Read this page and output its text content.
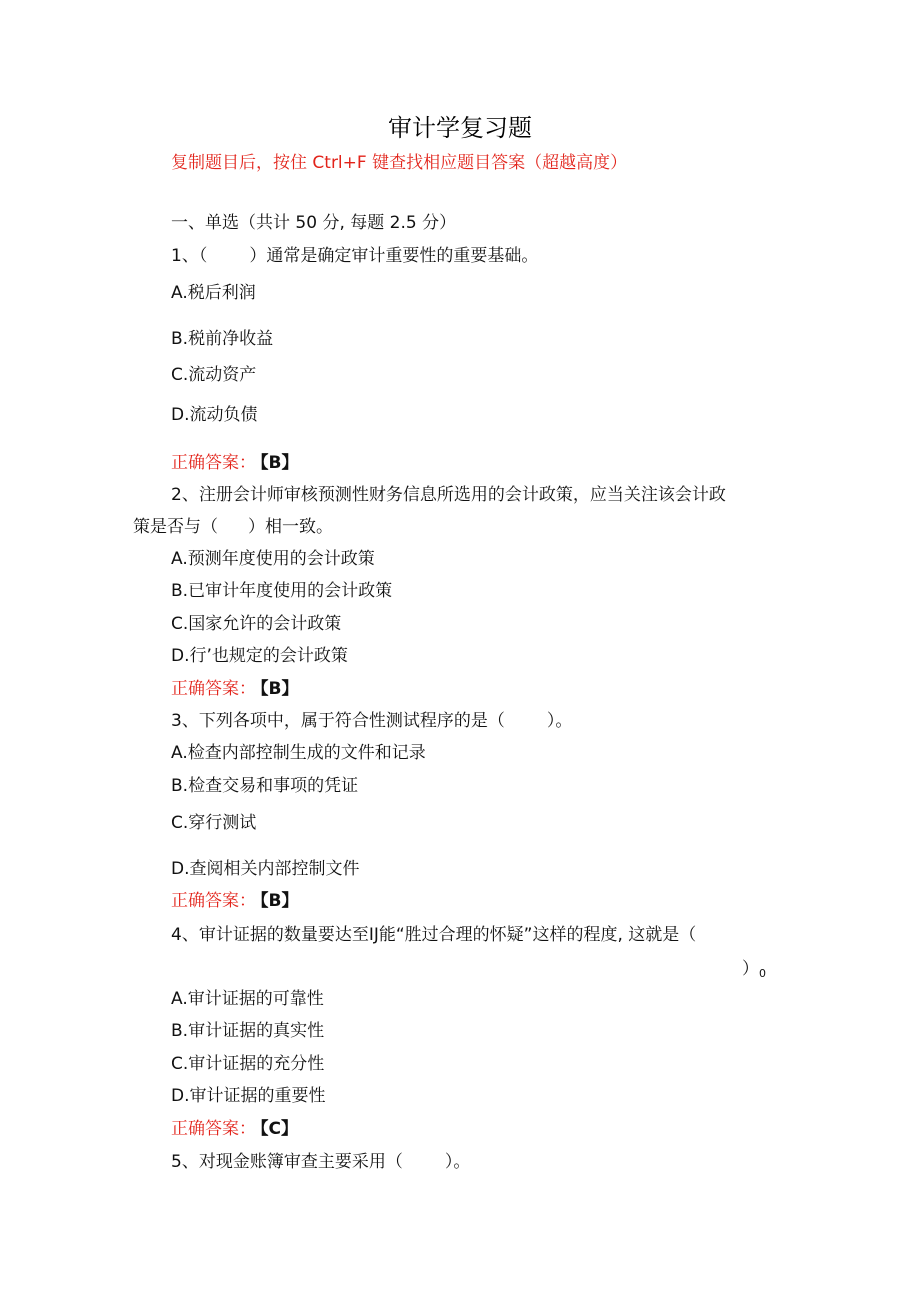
审计学复习题
复制题目后，按住 Ctrl+F 键查找相应题目答案（超越高度）
一、单选（共计 50 分, 每题 2.5 分）
1、（ ）通常是确定审计重要性的重要基础。
A.税后利润
B.税前净收益
C.流动资产
D.流动负债
正确答案： 【B】
2、注册会计师审核预测性财务信息所选用的会计政策，应当关注该会计政
策是否与（ ）相一致。
A.预测年度使用的会计政策
B.已审计年度使用的会计政策
C.国家允许的会计政策
D.行’也规定的会计政策
正确答案： 【B】
3、下列各项中，属于符合性测试程序的是（ ）。
A.检查内部控制生成的文件和记录
B.检查交易和事项的凭证
C.穿行测试
D.查阅相关内部控制文件
正确答案： 【B】
4、审计证据的数量要达至IJ能“胜过合理的怀疑”这样的程度, 这就是（
）0
A.审计证据的可靠性
B.审计证据的真实性
C.审计证据的充分性
D.审计证据的重要性
正确答案： 【C】
5、对现金账簿审查主要采用（ ）。
